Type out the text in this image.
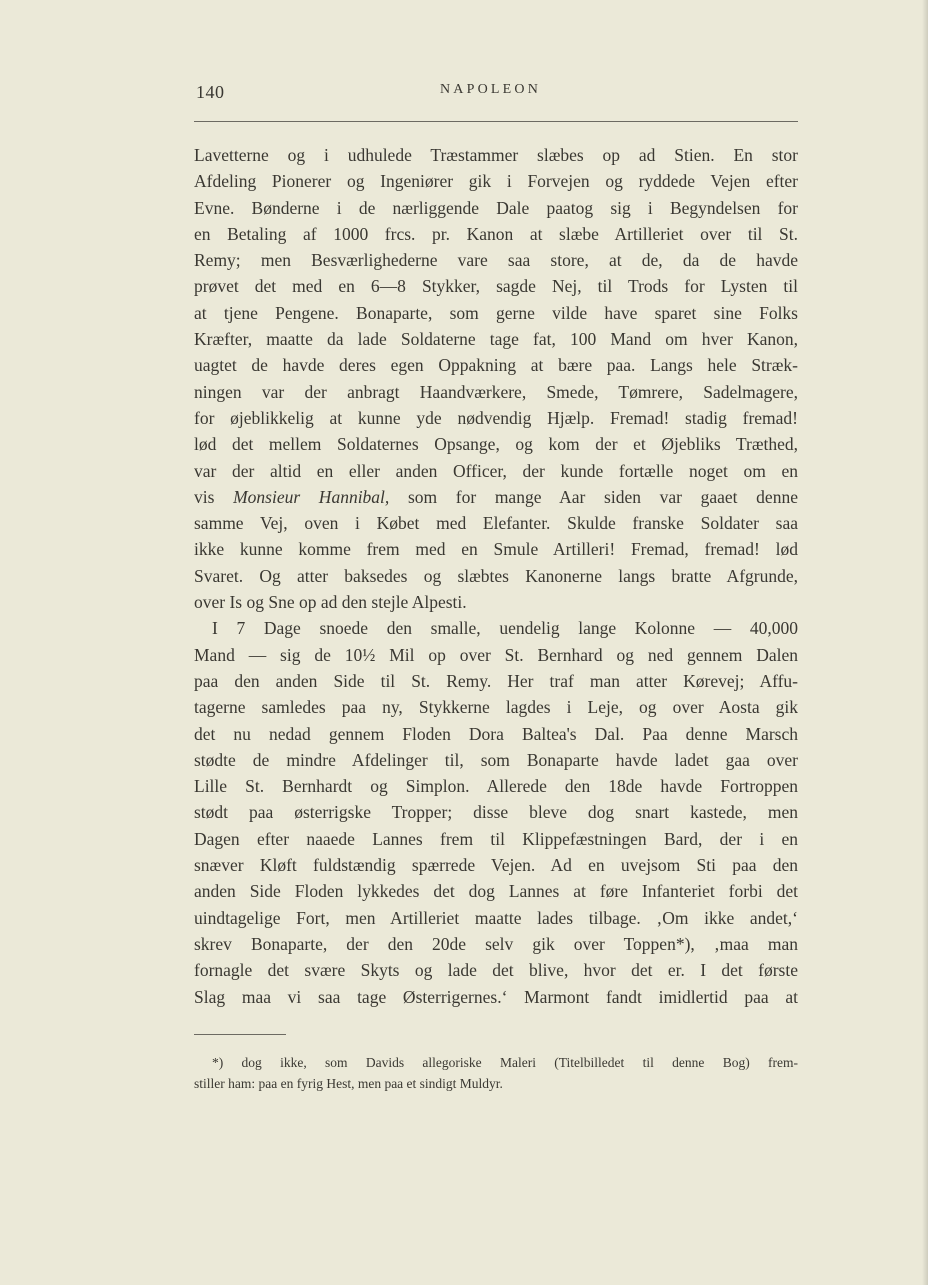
140	NAPOLEON
Lavetterne og i udhulede Træstammer slæbes op ad Stien. En stor
Afdeling Pionerer og Ingeniører gik i Forvejen og ryddede Vejen efter
Evne. Bønderne i de nærliggende Dale paatog sig i Begyndelsen for
en Betaling af 1000 frcs. pr. Kanon at slæbe Artilleriet over til St.
Remy; men Besværlighederne vare saa store, at de, da de havde
prøvet det med en 6—8 Stykker, sagde Nej, til Trods for Lysten til
at tjene Pengene. Bonaparte, som gerne vilde have sparet sine Folks
Kræfter, maatte da lade Soldaterne tage fat, 100 Mand om hver Kanon,
uagtet de havde deres egen Oppakning at bære paa. Langs hele Stræk-
ningen var der anbragt Haandværkere, Smede, Tømrere, Sadelmagere,
for øjeblikkelig at kunne yde nødvendig Hjælp. Fremad! stadig fremad!
lød det mellem Soldaternes Opsange, og kom der et Øjebliks Træthed,
var der altid en eller anden Officer, der kunde fortælle noget om en
vis Monsieur Hannibal, som for mange Aar siden var gaaet denne
samme Vej, oven i Købet med Elefanter. Skulde franske Soldater saa
ikke kunne komme frem med en Smule Artilleri! Fremad, fremad! lød
Svaret. Og atter baksedes og slæbtes Kanonerne langs bratte Afgrunde,
over Is og Sne op ad den stejle Alpesti.
I 7 Dage snoede den smalle, uendelig lange Kolonne — 40,000
Mand — sig de 10½ Mil op over St. Bernhard og ned gennem Dalen
paa den anden Side til St. Remy. Her traf man atter Kørevej; Affu-
tagerne samledes paa ny, Stykkerne lagdes i Leje, og over Aosta gik
det nu nedad gennem Floden Dora Baltea's Dal. Paa denne Marsch
stødte de mindre Afdelinger til, som Bonaparte havde ladet gaa over
Lille St. Bernhardt og Simplon. Allerede den 18de havde Fortroppen
stødt paa østerrigske Tropper; disse bleve dog snart kastede, men
Dagen efter naaede Lannes frem til Klippefæstningen Bard, der i en
snæver Kløft fuldstændig spærrede Vejen. Ad en uvejsom Sti paa den
anden Side Floden lykkedes det dog Lannes at føre Infanteriet forbi det
uindtagelige Fort, men Artilleriet maatte lades tilbage. ‚Om ikke andet,‘
skrev Bonaparte, der den 20de selv gik over Toppen*), ‚maa man
fornagle det svære Skyts og lade det blive, hvor det er. I det første
Slag maa vi saa tage Østerrigernes.‘ Marmont fandt imidlertid paa at
*) dog ikke, som Davids allegoriske Maleri (Titelbilledet til denne Bog) frem-
stiller ham: paa en fyrig Hest, men paa et sindigt Muldyr.
